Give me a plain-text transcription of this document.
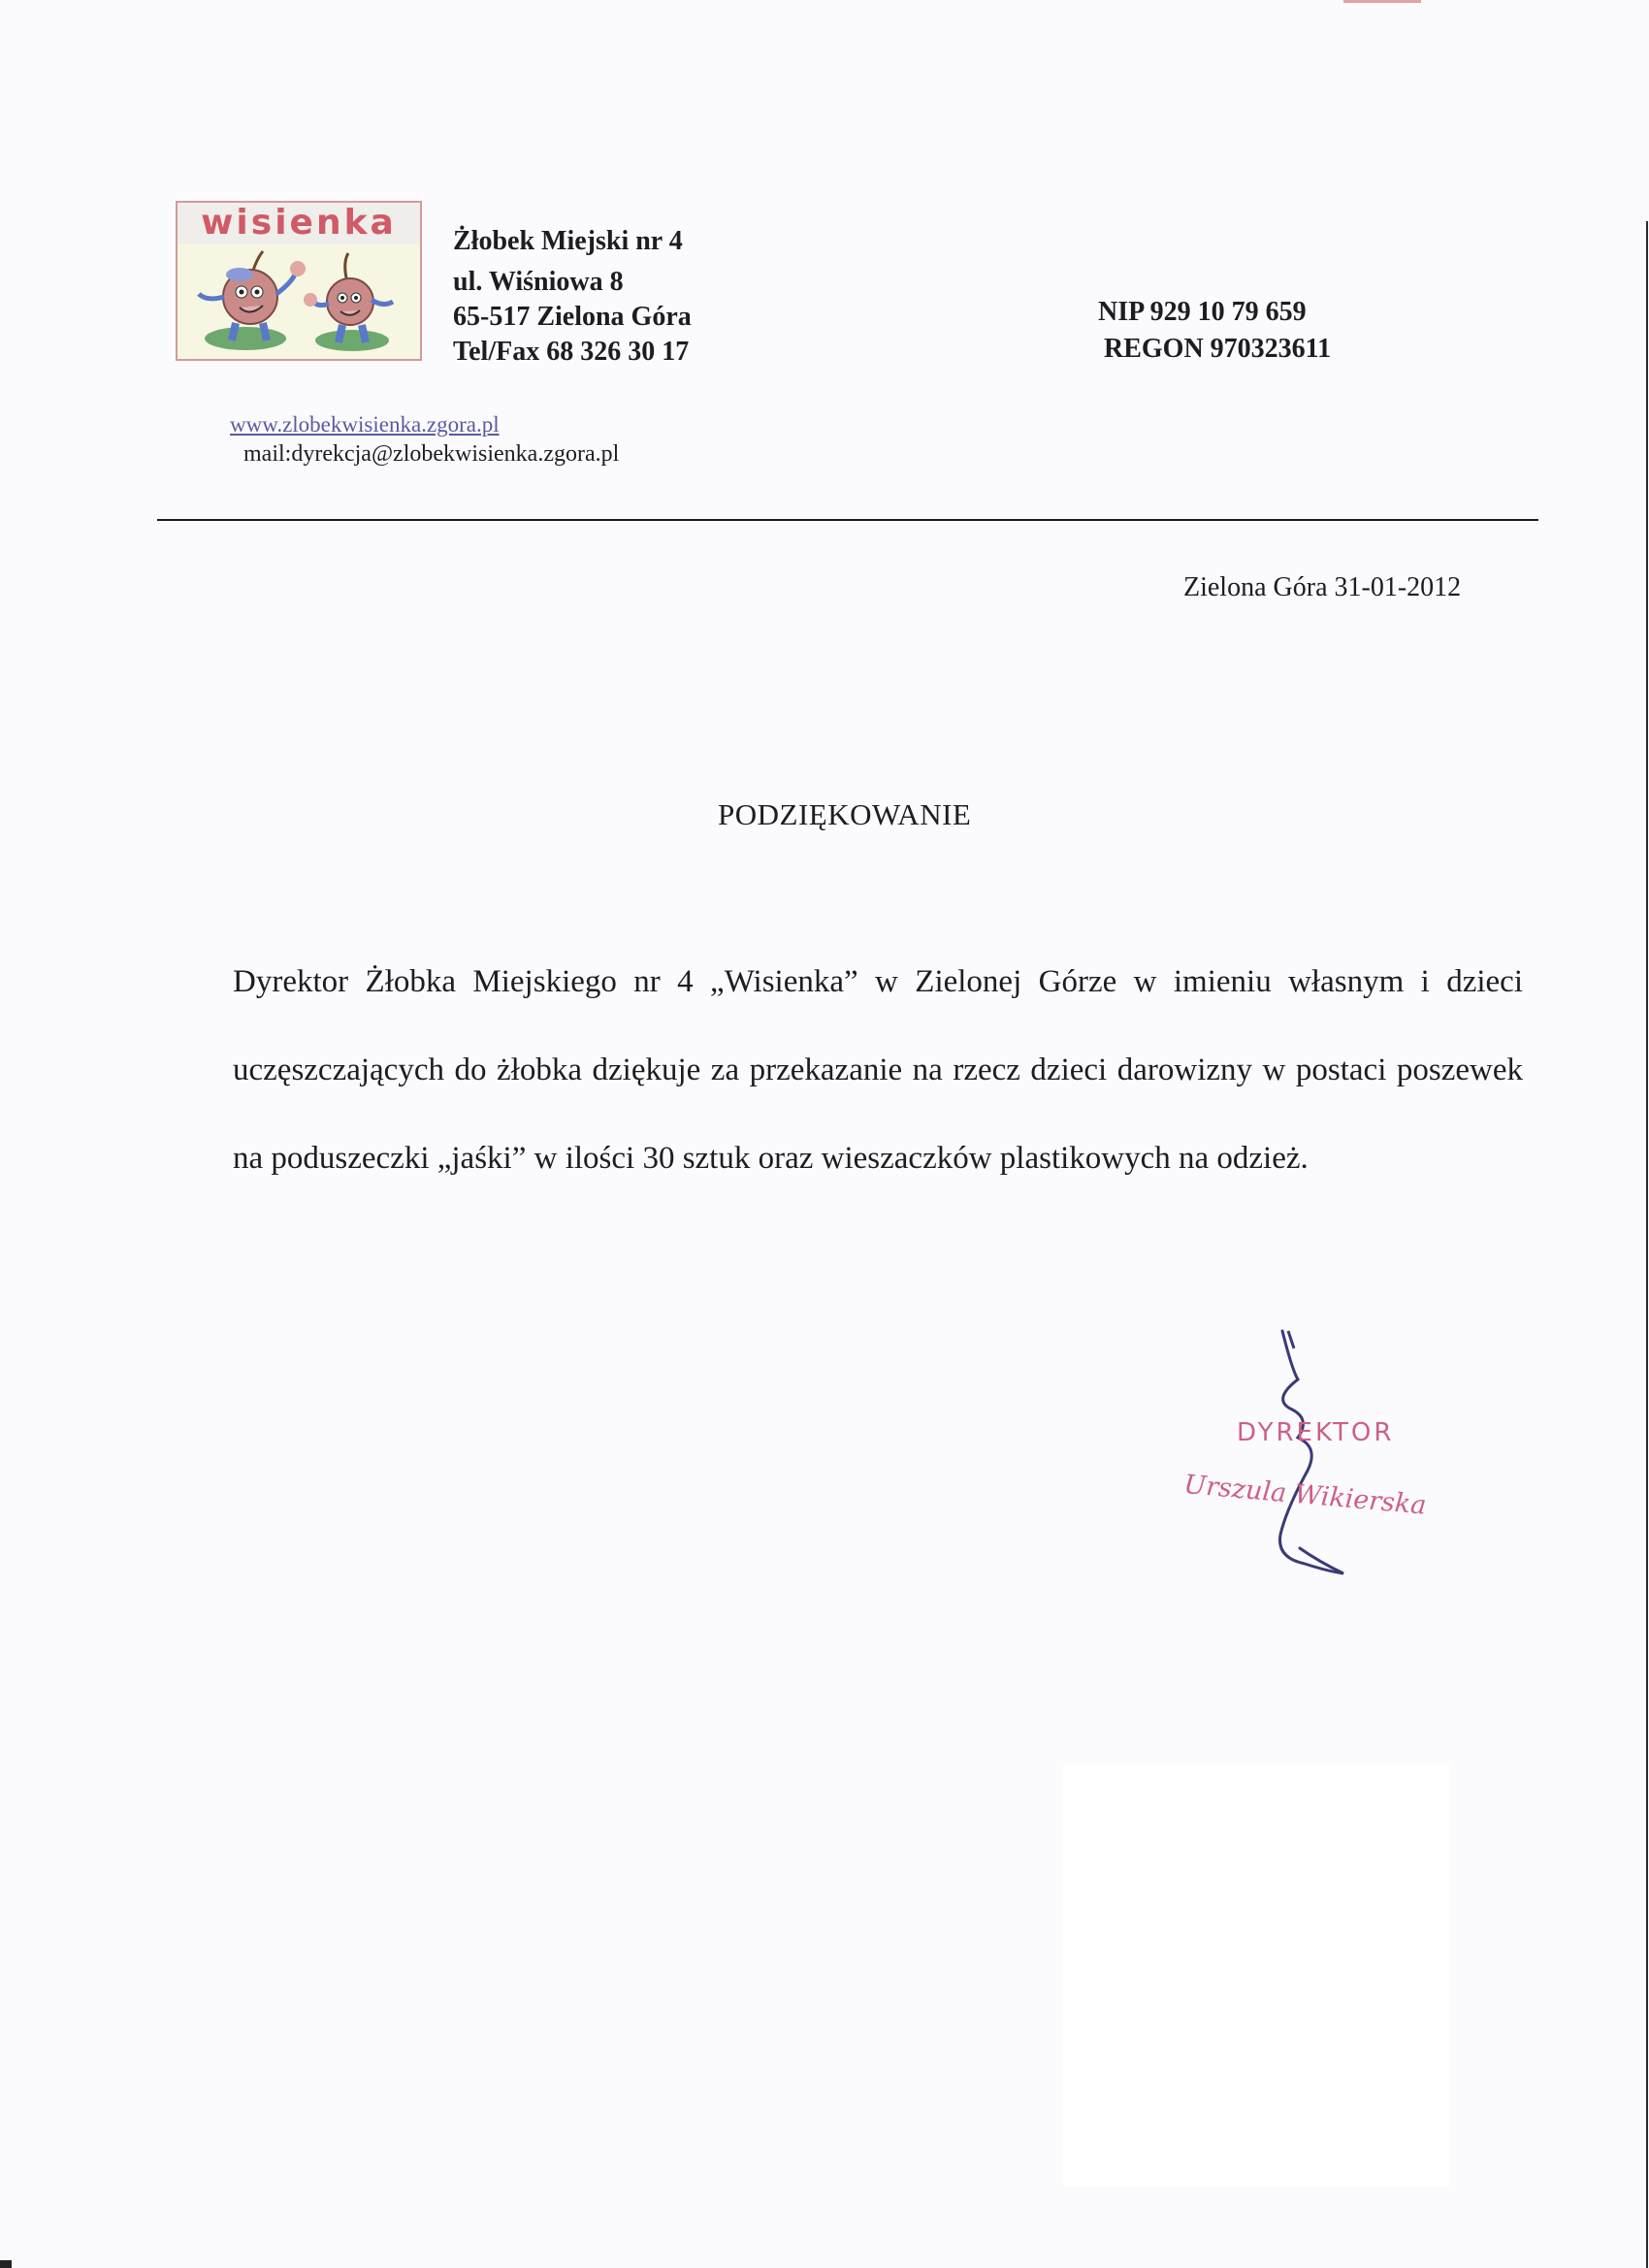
wisienka	Żłobek Miejski nr 4
ul. Wiśniowa 8
65-517 Zielona Góra
Tel/Fax 68 326 30 17
NIP 929 10 79 659
REGON 970323611
www.zlobekwisienka.zgora.pl
mail:dyrekcja@zlobekwisienka.zgora.pl
Zielona Góra 31-01-2012
PODZIĘKOWANIE
Dyrektor Żłobka Miejskiego nr 4 „Wisienka” w Zielonej Górze w imieniu własnym i dzieci uczęszczających do żłobka dziękuje za przekazanie na rzecz dzieci darowizny w postaci poszewek na poduszeczki „jaśki” w ilości 30 sztuk oraz wieszaczków plastikowych na odzież.
DYREKTOR
Urszula Wikierska
